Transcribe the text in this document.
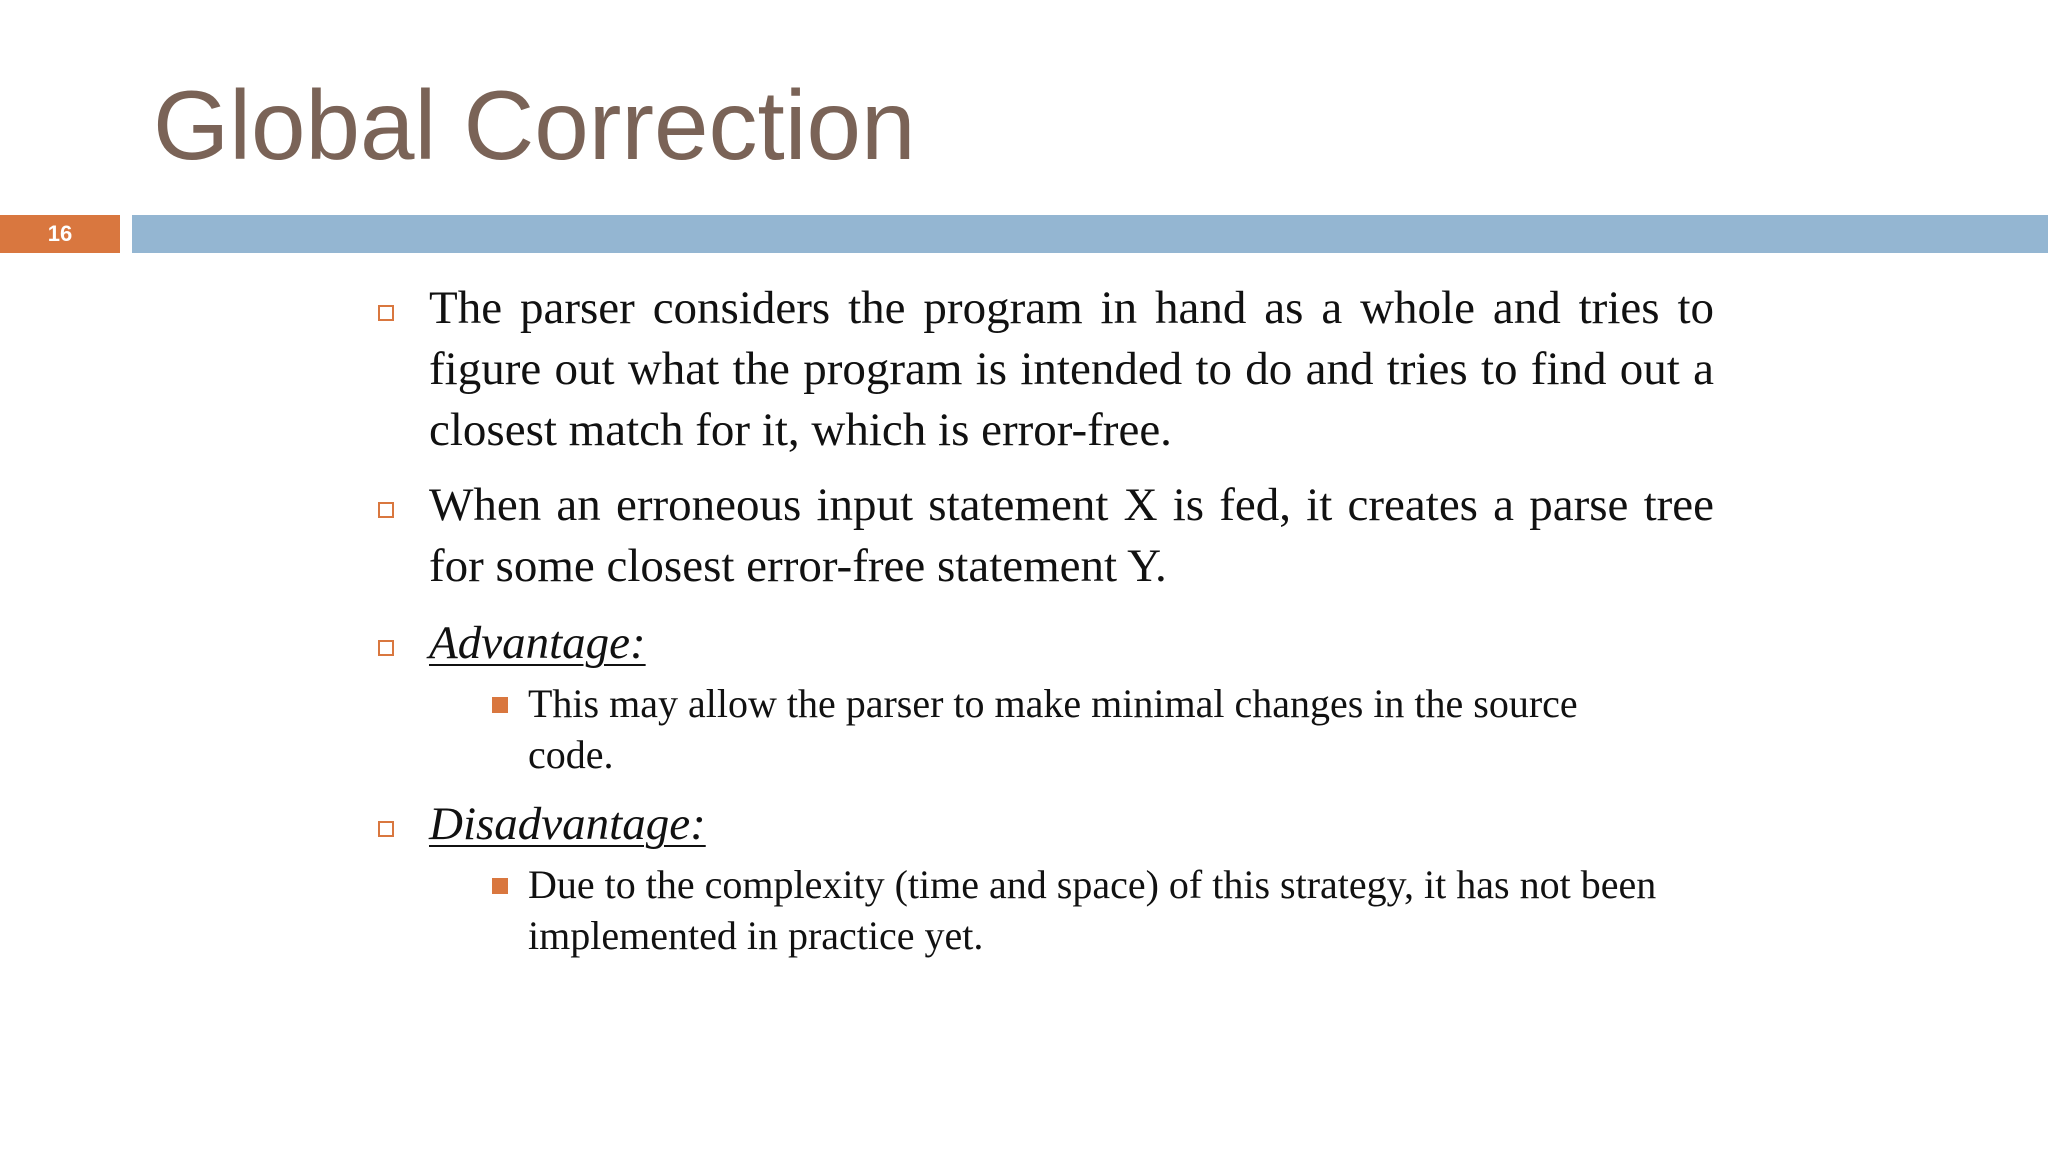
Global Correction
16
The parser considers the program in hand as a whole and tries to figure out what the program is intended to do and tries to find out a closest match for it, which is error-free.
When an erroneous input statement X is fed, it creates a parse tree for some closest error-free statement Y.
Advantage:
This may allow the parser to make minimal changes in the source code.
Disadvantage:
Due to the complexity (time and space) of this strategy, it has not been implemented in practice yet.
